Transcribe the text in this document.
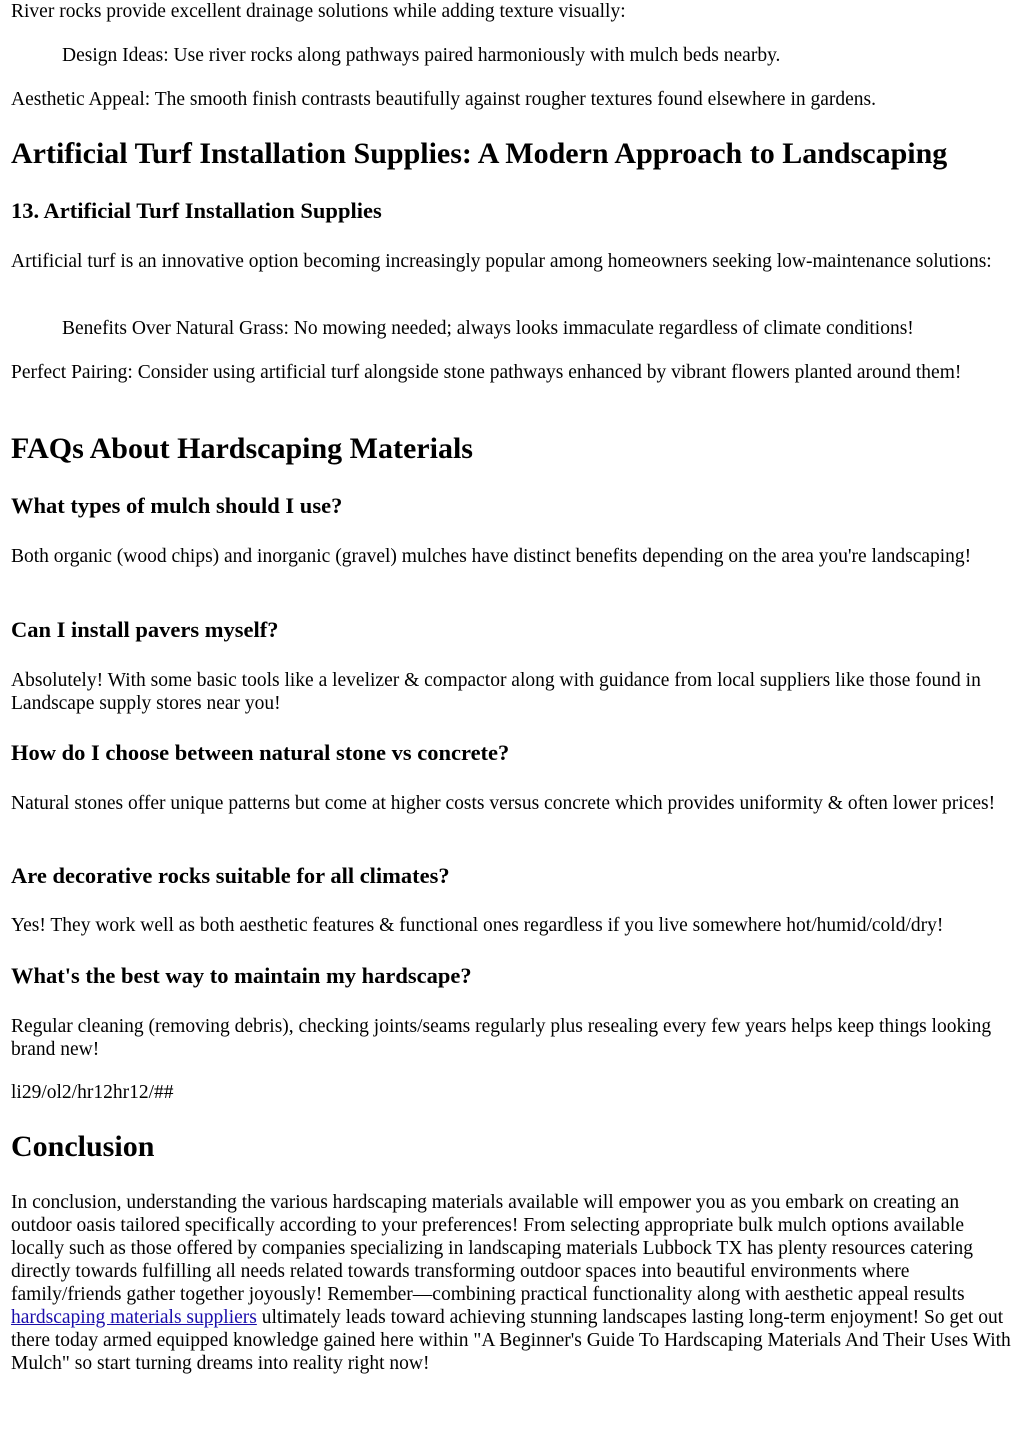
River rocks provide excellent drainage solutions while adding texture visually:

Design Ideas: Use river rocks along pathways paired harmoniously with mulch beds nearby.

Aesthetic Appeal: The smooth finish contrasts beautifully against rougher textures found elsewhere in gardens.

Artificial Turf Installation Supplies: A Modern Approach to Landscaping
13. Artificial Turf Installation Supplies

Artificial turf is an innovative option becoming increasingly popular among homeowners seeking low-maintenance solutions:

Benefits Over Natural Grass: No mowing needed; always looks immaculate regardless of climate conditions!

Perfect Pairing: Consider using artificial turf alongside stone pathways enhanced by vibrant flowers planted around them!

FAQs About Hardscaping Materials
What types of mulch should I use?

Both organic (wood chips) and inorganic (gravel) mulches have distinct benefits depending on the area you're landscaping!

Can I install pavers myself?

Absolutely! With some basic tools like a levelizer & compactor along with guidance from local suppliers like those found in Landscape supply stores near you!

How do I choose between natural stone vs concrete?

Natural stones offer unique patterns but come at higher costs versus concrete which provides uniformity & often lower prices!

Are decorative rocks suitable for all climates?

Yes! They work well as both aesthetic features & functional ones regardless if you live somewhere hot/humid/cold/dry!

What's the best way to maintain my hardscape?

Regular cleaning (removing debris), checking joints/seams regularly plus resealing every few years helps keep things looking brand new!

li29/ol2/hr12hr12/##

Conclusion

In conclusion, understanding the various hardscaping materials available will empower you as you embark on creating an outdoor oasis tailored specifically according to your preferences! From selecting appropriate bulk mulch options available locally such as those offered by companies specializing in landscaping materials Lubbock TX has plenty resources catering directly towards fulfilling all needs related towards transforming outdoor spaces into beautiful environments where family/friends gather together joyously! Remember—combining practical functionality along with aesthetic appeal results hardscaping materials suppliers ultimately leads toward achieving stunning landscapes lasting long-term enjoyment! So get out there today armed equipped knowledge gained here within "A Beginner's Guide To Hardscaping Materials And Their Uses With Mulch" so start turning dreams into reality right now!
